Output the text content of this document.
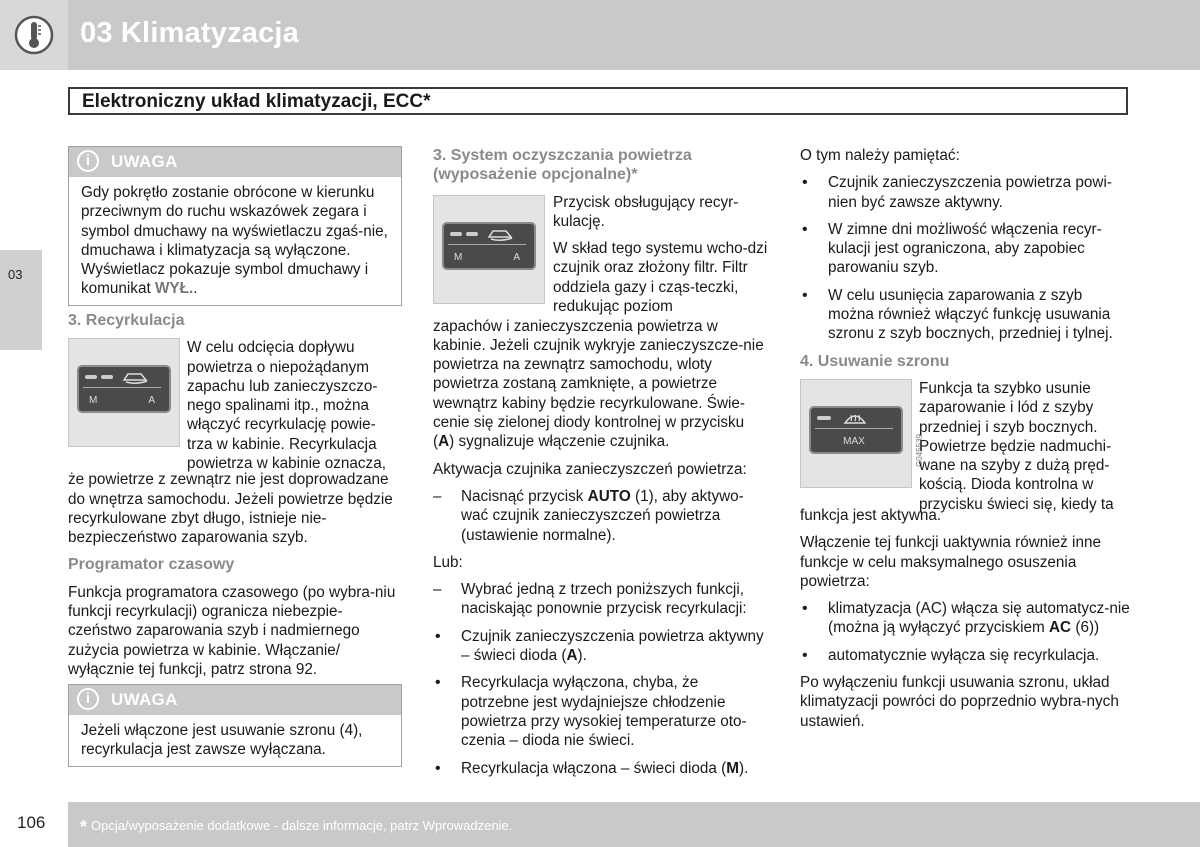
03 Klimatyzacja
Elektroniczny układ klimatyzacji, ECC*
03
i	UWAGA
Gdy pokrętło zostanie obrócone w kierunku przeciwnym do ruchu wskazówek zegara i symbol dmuchawy na wyświetlaczu zgaś-nie, dmuchawa i klimatyzacja są wyłączone. Wyświetlacz pokazuje symbol dmuchawy i komunikat WYŁ..

3. Recyrkulacja

M	A
W celu odcięcia dopływu powietrza o niepożądanym zapachu lub zanieczyszczo-nego spalinami itp., można włączyć recyrkulację powie-trza w kabinie. Recyrkulacja powietrza w kabinie oznacza,

że powietrze z zewnątrz nie jest doprowadzane do wnętrza samochodu. Jeżeli powietrze będzie recyrkulowane zbyt długo, istnieje nie-bezpieczeństwo zaparowania szyb.

Programator czasowy

Funkcja programatora czasowego (po wybra-niu funkcji recyrkulacji) ogranicza niebezpie-czeństwo zaparowania szyb i nadmiernego zużycia powietrza w kabinie. Włączanie/ wyłącznie tej funkcji, patrz strona 92.

i	UWAGA
Jeżeli włączone jest usuwanie szronu (4), recyrkulacja jest zawsze wyłączana.

3. System oczyszczania powietrza (wyposażenie opcjonalne)*

M	A

Przycisk obsługujący recyr-kulację.

W skład tego systemu wcho-dzi czujnik oraz złożony filtr. Filtr oddziela gazy i cząs-teczki, redukując poziom

zapachów i zanieczyszczenia powietrza w kabinie. Jeżeli czujnik wykryje zanieczyszcze-nie powietrza na zewnątrz samochodu, wloty powietrza zostaną zamknięte, a powietrze wewnątrz kabiny będzie recyrkulowane. Świe-cenie się zielonej diody kontrolnej w przycisku (A) sygnalizuje włączenie czujnika.

Aktywacja czujnika zanieczyszczeń powietrza:

– Nacisnąć przycisk AUTO (1), aby aktywo-wać czujnik zanieczyszczeń powietrza (ustawienie normalne).

Lub:

– Wybrać jedną z trzech poniższych funkcji, naciskając ponownie przycisk recyrkulacji:

• Czujnik zanieczyszczenia powietrza aktywny – świeci dioda (A).

• Recyrkulacja wyłączona, chyba, że potrzebne jest wydajniejsze chłodzenie powietrza przy wysokiej temperaturze oto-czenia – dioda nie świeci.

• Recyrkulacja włączona – świeci dioda (M).

O tym należy pamiętać:

• Czujnik zanieczyszczenia powietrza powi-nien być zawsze aktywny.

• W zimne dni możliwość włączenia recyr-kulacji jest ograniczona, aby zapobiec parowaniu szyb.

• W celu usunięcia zaparowania z szyb można również włączyć funkcję usuwania szronu z szyb bocznych, przedniej i tylnej.

4. Usuwanie szronu

MAX	G045539
Funkcja ta szybko usunie zaparowanie i lód z szyby przedniej i szyb bocznych. Powietrze będzie nadmuchi-wane na szyby z dużą pręd-kością. Dioda kontrolna w przycisku świeci się, kiedy ta

funkcja jest aktywna.

Włączenie tej funkcji uaktywnia również inne funkcje w celu maksymalnego osuszenia powietrza:

• klimatyzacja (AC) włącza się automatycz-nie (można ją wyłączyć przyciskiem AC (6))

• automatycznie wyłącza się recyrkulacja.

Po wyłączeniu funkcji usuwania szronu, układ klimatyzacji powróci do poprzednio wybra-nych ustawień.

106 * Opcja/wyposażenie dodatkowe - dalsze informacje, patrz Wprowadzenie.
